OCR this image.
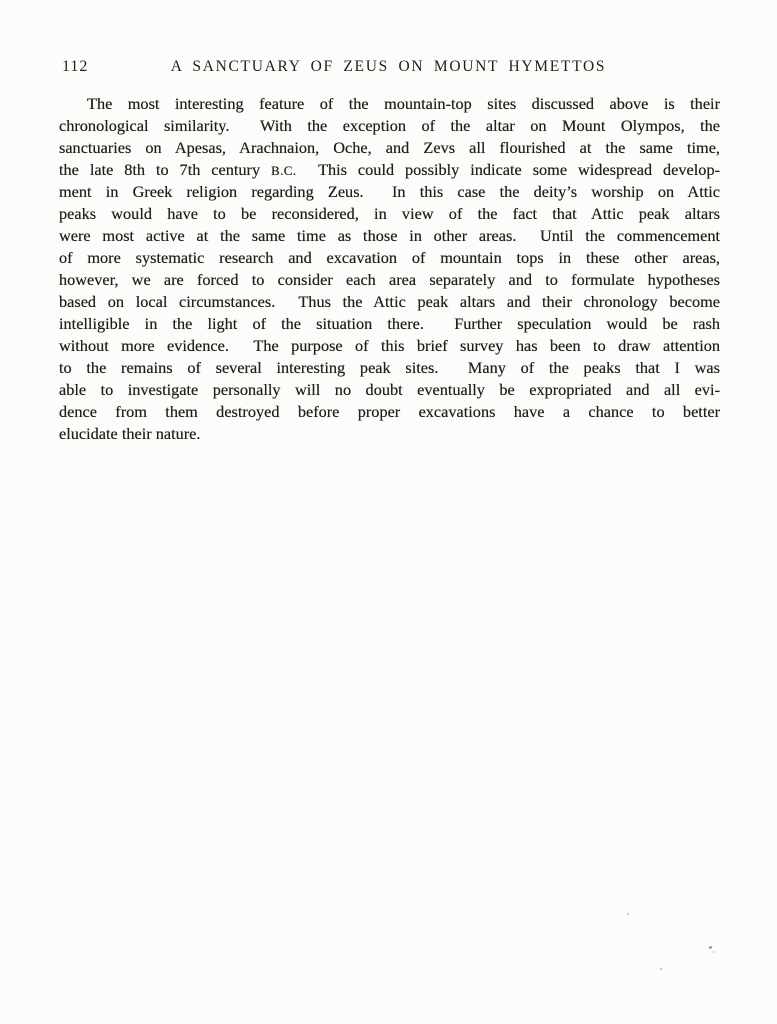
112	A SANCTUARY OF ZEUS ON MOUNT HYMETTOS
The most interesting feature of the mountain-top sites discussed above is their
chronological similarity.  With the exception of the altar on Mount Olympos, the
sanctuaries on Apesas, Arachnaion, Oche, and Zevs all flourished at the same time,
the late 8th to 7th century B.C.  This could possibly indicate some widespread develop-
ment in Greek religion regarding Zeus.  In this case the deity’s worship on Attic
peaks would have to be reconsidered, in view of the fact that Attic peak altars
were most active at the same time as those in other areas.  Until the commencement
of more systematic research and excavation of mountain tops in these other areas,
however, we are forced to consider each area separately and to formulate hypotheses
based on local circumstances.  Thus the Attic peak altars and their chronology become
intelligible in the light of the situation there.  Further speculation would be rash
without more evidence.  The purpose of this brief survey has been to draw attention
to the remains of several interesting peak sites.  Many of the peaks that I was
able to investigate personally will no doubt eventually be expropriated and all evi-
dence from them destroyed before proper excavations have a chance to better
elucidate their nature.
